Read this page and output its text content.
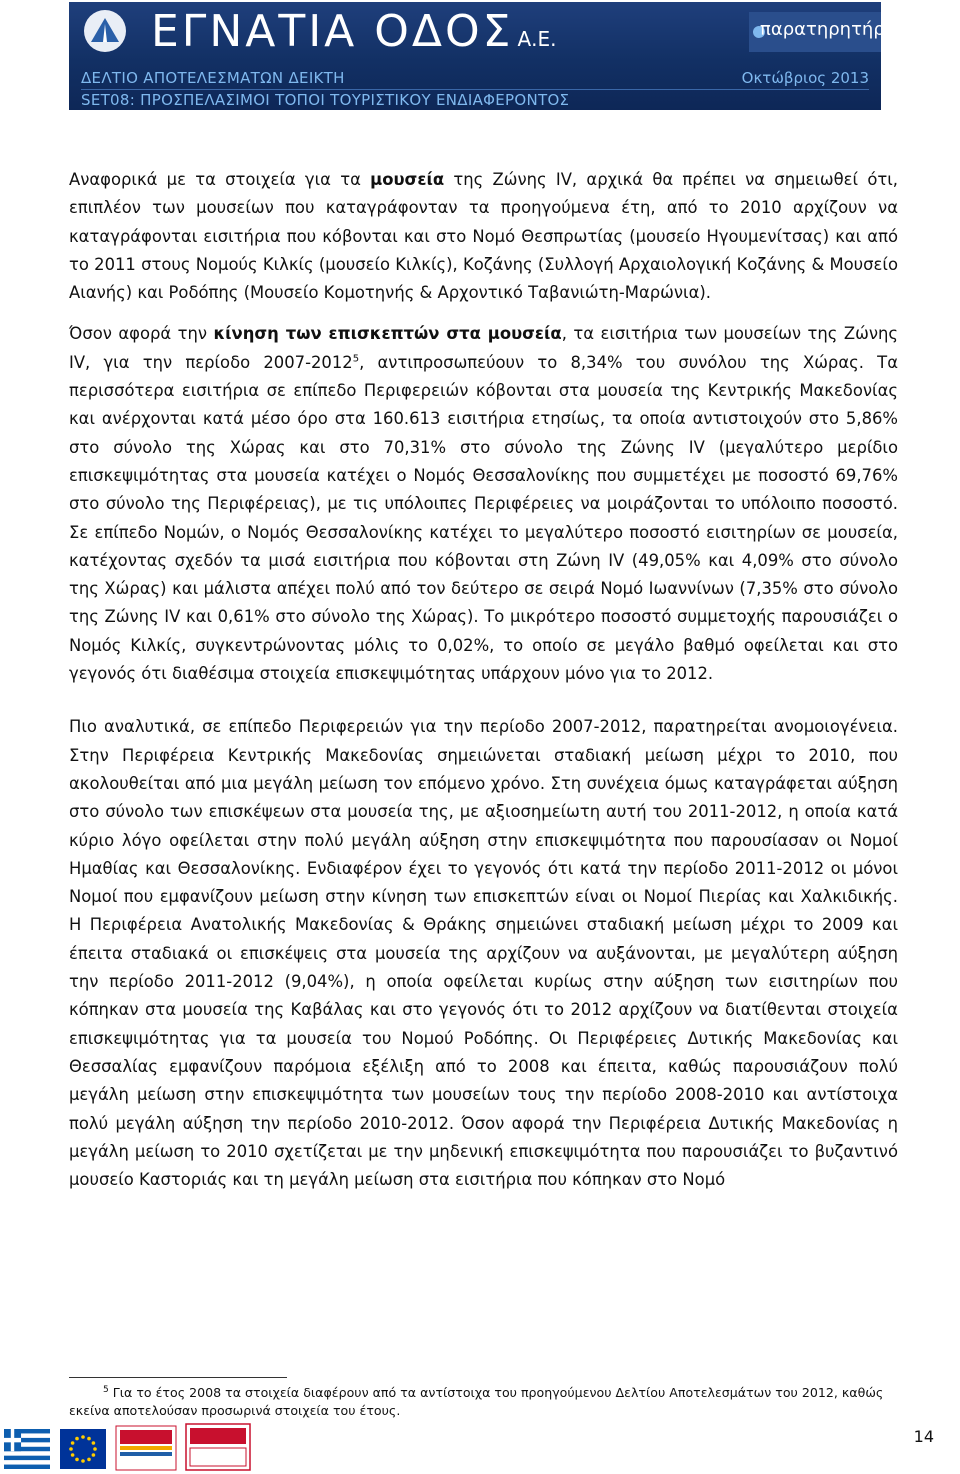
ΕΓΝΑΤΙΑ ΟΔΟΣ Α.Ε.	παρατηρητήριο
ΔΕΛΤΙΟ ΑΠΟΤΕΛΕΣΜΑΤΩΝ ΔΕΙΚΤΗ	Οκτώβριος 2013
SET08: ΠΡΟΣΠΕΛΑΣΙΜΟΙ ΤΟΠΟΙ ΤΟΥΡΙΣΤΙΚΟΥ ΕΝΔΙΑΦΕΡΟΝΤΟΣ

Αναφορικά με τα στοιχεία για τα μουσεία της Ζώνης IV, αρχικά θα πρέπει να σημειωθεί ότι, επιπλέον των μουσείων που καταγράφονταν τα προηγούμενα έτη, από το 2010 αρχίζουν να καταγράφονται εισιτήρια που κόβονται και στο Νομό Θεσπρωτίας (μουσείο Ηγουμενίτσας) και από το 2011 στους Νομούς Κιλκίς (μουσείο Κιλκίς), Κοζάνης (Συλλογή Αρχαιολογική Κοζάνης & Μουσείο Αιανής) και Ροδόπης (Μουσείο Κομοτηνής & Αρχοντικό Ταβανιώτη-Μαρώνια).

Όσον αφορά την κίνηση των επισκεπτών στα μουσεία, τα εισιτήρια των μουσείων της Ζώνης IV, για την περίοδο 2007-2012$^5$, αντιπροσωπεύουν το 8,34% του συνόλου της Χώρας. Τα περισσότερα εισιτήρια σε επίπεδο Περιφερειών κόβονται στα μουσεία της Κεντρικής Μακεδονίας και ανέρχονται κατά μέσο όρο στα 160.613 εισιτήρια ετησίως, τα οποία αντιστοιχούν στο 5,86% στο σύνολο της Χώρας και στο 70,31% στο σύνολο της Ζώνης IV (μεγαλύτερο μερίδιο επισκεψιμότητας στα μουσεία κατέχει ο Νομός Θεσσαλονίκης που συμμετέχει με ποσοστό 69,76% στο σύνολο της Περιφέρειας), με τις υπόλοιπες Περιφέρειες να μοιράζονται το υπόλοιπο ποσοστό. Σε επίπεδο Νομών, ο Νομός Θεσσαλονίκης κατέχει το μεγαλύτερο ποσοστό εισιτηρίων σε μουσεία, κατέχοντας σχεδόν τα μισά εισιτήρια που κόβονται στη Ζώνη IV (49,05% και 4,09% στο σύνολο της Χώρας) και μάλιστα απέχει πολύ από τον δεύτερο σε σειρά Νομό Ιωαννίνων (7,35% στο σύνολο της Ζώνης IV και 0,61% στο σύνολο της Χώρας). Το μικρότερο ποσοστό συμμετοχής παρουσιάζει ο Νομός Κιλκίς, συγκεντρώνοντας μόλις το 0,02%, το οποίο σε μεγάλο βαθμό οφείλεται και στο γεγονός ότι διαθέσιμα στοιχεία επισκεψιμότητας υπάρχουν μόνο για το 2012.

Πιο αναλυτικά, σε επίπεδο Περιφερειών για την περίοδο 2007-2012, παρατηρείται ανομοιογένεια. Στην Περιφέρεια Κεντρικής Μακεδονίας σημειώνεται σταδιακή μείωση μέχρι το 2010, που ακολουθείται από μια μεγάλη μείωση τον επόμενο χρόνο. Στη συνέχεια όμως καταγράφεται αύξηση στο σύνολο των επισκέψεων στα μουσεία της, με αξιοσημείωτη αυτή του 2011-2012, η οποία κατά κύριο λόγο οφείλεται στην πολύ μεγάλη αύξηση στην επισκεψιμότητα που παρουσίασαν οι Νομοί Ημαθίας και Θεσσαλονίκης. Ενδιαφέρον έχει το γεγονός ότι κατά την περίοδο 2011-2012 οι μόνοι Νομοί που εμφανίζουν μείωση στην κίνηση των επισκεπτών είναι οι Νομοί Πιερίας και Χαλκιδικής. Η Περιφέρεια Ανατολικής Μακεδονίας & Θράκης σημειώνει σταδιακή μείωση μέχρι το 2009 και έπειτα σταδιακά οι επισκέψεις στα μουσεία της αρχίζουν να αυξάνονται, με μεγαλύτερη αύξηση την περίοδο 2011-2012 (9,04%), η οποία οφείλεται κυρίως στην αύξηση των εισιτηρίων που κόπηκαν στα μουσεία της Καβάλας και στο γεγονός ότι το 2012 αρχίζουν να διατίθενται στοιχεία επισκεψιμότητας για τα μουσεία του Νομού Ροδόπης. Οι Περιφέρειες Δυτικής Μακεδονίας και Θεσσαλίας εμφανίζουν παρόμοια εξέλιξη από το 2008 και έπειτα, καθώς παρουσιάζουν πολύ μεγάλη μείωση στην επισκεψιμότητα των μουσείων τους την περίοδο 2008-2010 και αντίστοιχα πολύ μεγάλη αύξηση την περίοδο 2010-2012. Όσον αφορά την Περιφέρεια Δυτικής Μακεδονίας η μεγάλη μείωση το 2010 σχετίζεται με την μηδενική επισκεψιμότητα που παρουσιάζει το βυζαντινό μουσείο Καστοριάς και τη μεγάλη μείωση στα εισιτήρια που κόπηκαν στο Νομό

$^5$ Για το έτος 2008 τα στοιχεία διαφέρουν από τα αντίστοιχα του προηγούμενου Δελτίου Αποτελεσμάτων του 2012, καθώς εκείνα αποτελούσαν προσωρινά στοιχεία του έτους.
14
